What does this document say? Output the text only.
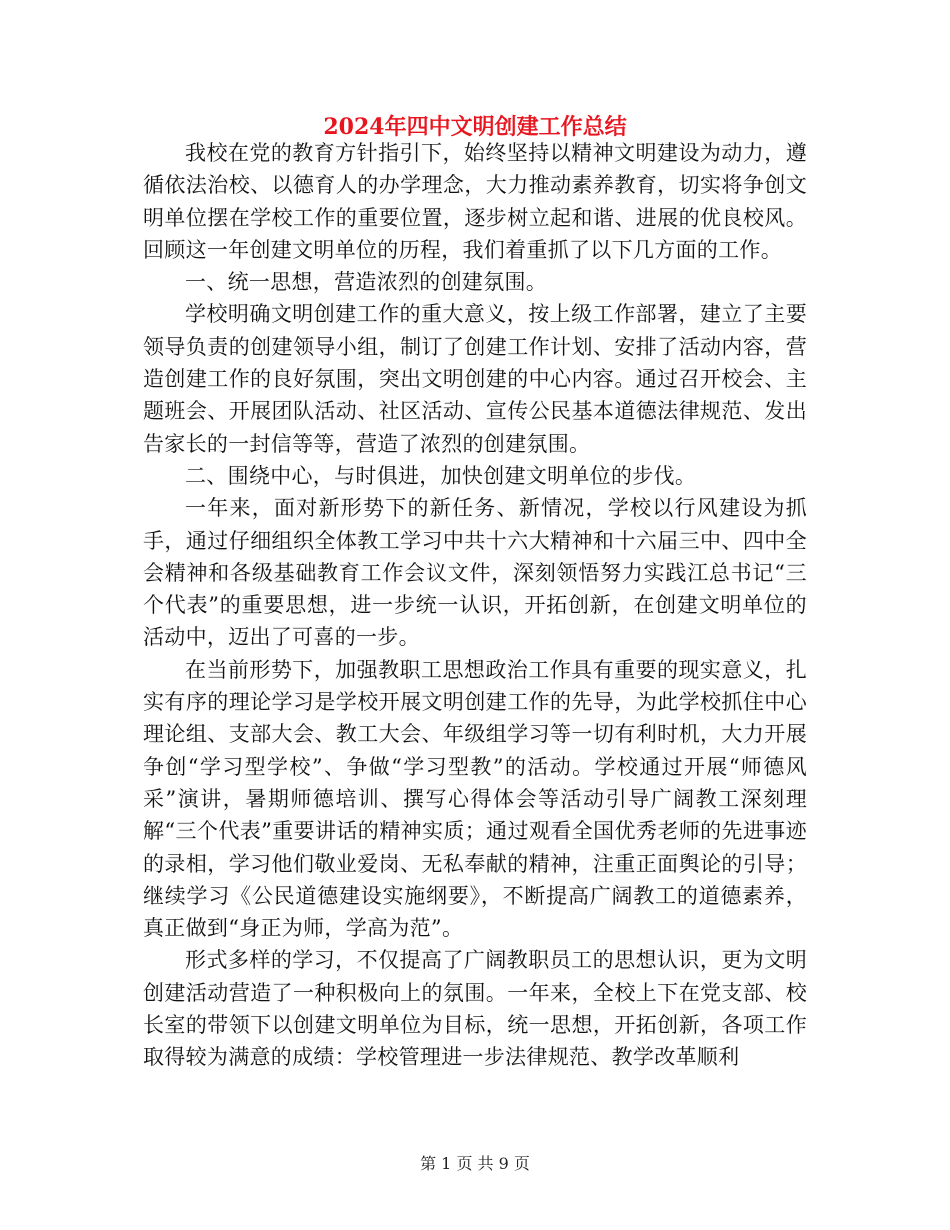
2024年四中文明创建工作总结

我校在党的教育方针指引下，始终坚持以精神文明建设为动力，遵循依法治校、以德育人的办学理念，大力推动素养教育，切实将争创文明单位摆在学校工作的重要位置，逐步树立起和谐、进展的优良校风。回顾这一年创建文明单位的历程，我们着重抓了以下几方面的工作。

一、统一思想，营造浓烈的创建氛围。

学校明确文明创建工作的重大意义，按上级工作部署，建立了主要领导负责的创建领导小组，制订了创建工作计划、安排了活动内容，营造创建工作的良好氛围，突出文明创建的中心内容。通过召开校会、主题班会、开展团队活动、社区活动、宣传公民基本道德法律规范、发出告家长的一封信等等，营造了浓烈的创建氛围。

二、围绕中心，与时俱进，加快创建文明单位的步伐。

一年来，面对新形势下的新任务、新情况，学校以行风建设为抓手，通过仔细组织全体教工学习中共十六大精神和十六届三中、四中全会精神和各级基础教育工作会议文件，深刻领悟努力实践江总书记“三个代表”的重要思想，进一步统一认识，开拓创新，在创建文明单位的活动中，迈出了可喜的一步。

在当前形势下，加强教职工思想政治工作具有重要的现实意义，扎实有序的理论学习是学校开展文明创建工作的先导，为此学校抓住中心理论组、支部大会、教工大会、年级组学习等一切有利时机，大力开展争创“学习型学校”、争做“学习型教”的活动。学校通过开展“师德风采”演讲，暑期师德培训、撰写心得体会等活动引导广阔教工深刻理解“三个代表”重要讲话的精神实质；通过观看全国优秀老师的先进事迹的录相，学习他们敬业爱岗、无私奉献的精神，注重正面舆论的引导；继续学习《公民道德建设实施纲要》，不断提高广阔教工的道德素养，真正做到“身正为师，学高为范”。

形式多样的学习，不仅提高了广阔教职员工的思想认识，更为文明创建活动营造了一种积极向上的氛围。一年来，全校上下在党支部、校长室的带领下以创建文明单位为目标，统一思想，开拓创新，各项工作取得较为满意的成绩：学校管理进一步法律规范、教学改革顺利

第 1 页 共 9 页
